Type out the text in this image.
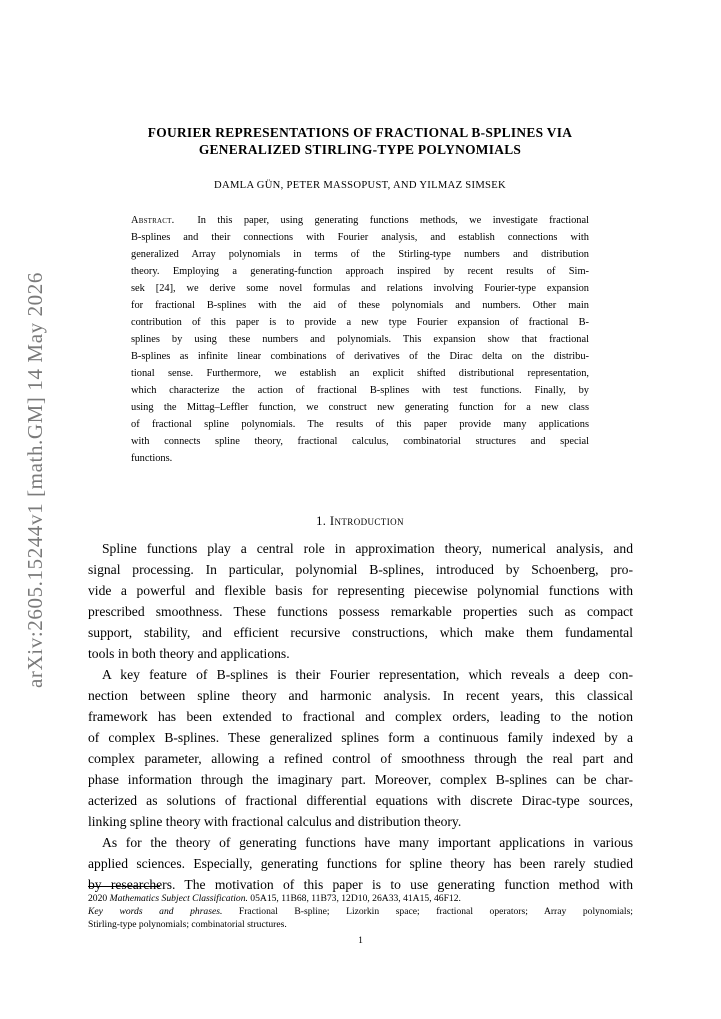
arXiv:2605.15244v1 [math.GM] 14 May 2026
FOURIER REPRESENTATIONS OF FRACTIONAL B-SPLINES VIA
GENERALIZED STIRLING-TYPE POLYNOMIALS
DAMLA GÜN, PETER MASSOPUST, AND YILMAZ SIMSEK
Abstract. In this paper, using generating functions methods, we investigate fractional
B-splines and their connections with Fourier analysis, and establish connections with
generalized Array polynomials in terms of the Stirling-type numbers and distribution
theory. Employing a generating-function approach inspired by recent results of Sim-
sek [24], we derive some novel formulas and relations involving Fourier-type expansion
for fractional B-splines with the aid of these polynomials and numbers. Other main
contribution of this paper is to provide a new type Fourier expansion of fractional B-
splines by using these numbers and polynomials. This expansion show that fractional
B-splines as infinite linear combinations of derivatives of the Dirac delta on the distribu-
tional sense. Furthermore, we establish an explicit shifted distributional representation,
which characterize the action of fractional B-splines with test functions. Finally, by
using the Mittag–Leffler function, we construct new generating function for a new class
of fractional spline polynomials. The results of this paper provide many applications
with connects spline theory, fractional calculus, combinatorial structures and special
functions.
1. Introduction
Spline functions play a central role in approximation theory, numerical analysis, and
signal processing. In particular, polynomial B-splines, introduced by Schoenberg, pro-
vide a powerful and flexible basis for representing piecewise polynomial functions with
prescribed smoothness. These functions possess remarkable properties such as compact
support, stability, and efficient recursive constructions, which make them fundamental
tools in both theory and applications.
A key feature of B-splines is their Fourier representation, which reveals a deep con-
nection between spline theory and harmonic analysis. In recent years, this classical
framework has been extended to fractional and complex orders, leading to the notion
of complex B-splines. These generalized splines form a continuous family indexed by a
complex parameter, allowing a refined control of smoothness through the real part and
phase information through the imaginary part. Moreover, complex B-splines can be char-
acterized as solutions of fractional differential equations with discrete Dirac-type sources,
linking spline theory with fractional calculus and distribution theory.
As for the theory of generating functions have many important applications in various
applied sciences. Especially, generating functions for spline theory has been rarely studied
by researchers. The motivation of this paper is to use generating function method with
2020 Mathematics Subject Classification. 05A15, 11B68, 11B73, 12D10, 26A33, 41A15, 46F12.
Key words and phrases. Fractional B-spline; Lizorkin space; fractional operators; Array polynomials;
Stirling-type polynomials; combinatorial structures.
1
